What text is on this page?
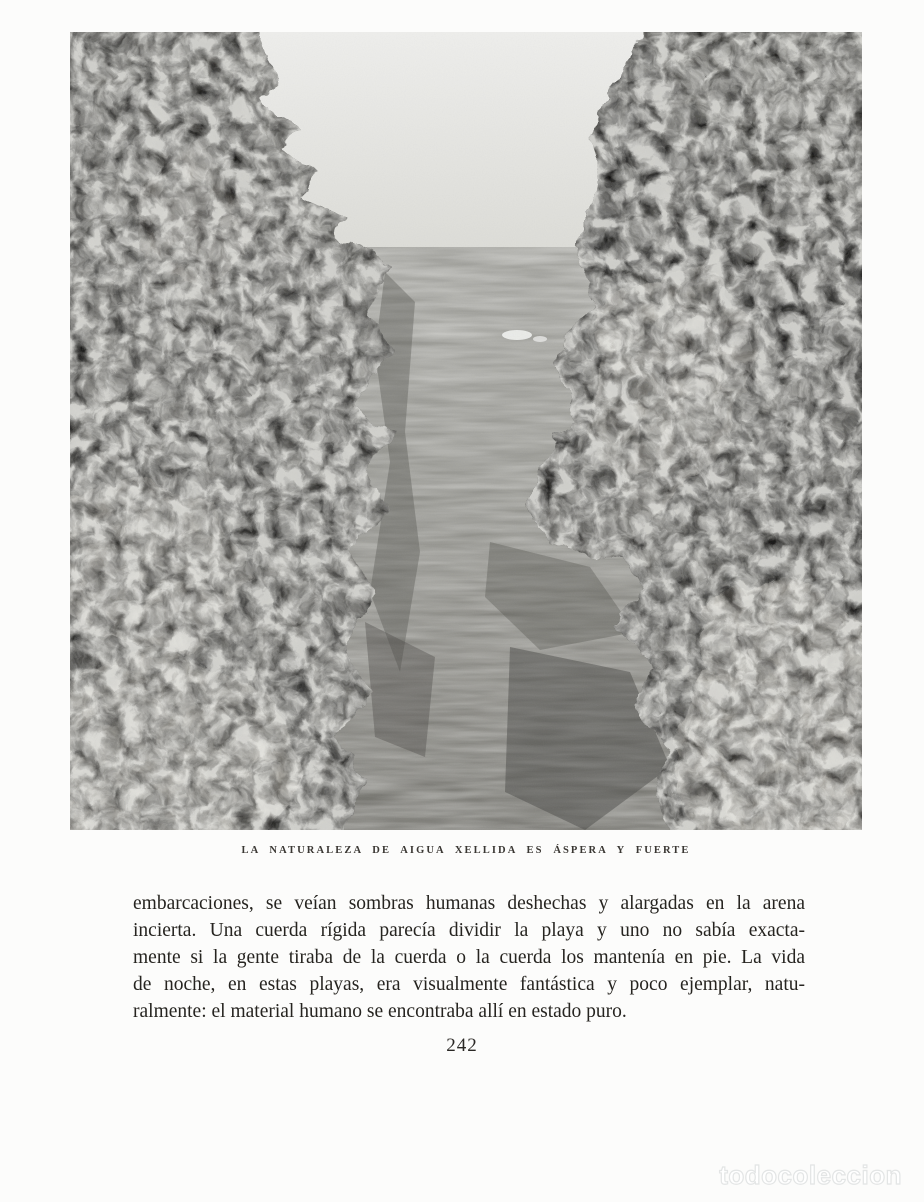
LA NATURALEZA DE AIGUA XELLIDA ES ÁSPERA Y FUERTE
embarcaciones, se veían sombras humanas deshechas y alargadas en la arena
incierta. Una cuerda rígida parecía dividir la playa y uno no sabía exacta-
mente si la gente tiraba de la cuerda o la cuerda los mantenía en pie. La vida
de noche, en estas playas, era visualmente fantástica y poco ejemplar, natu-
ralmente: el material humano se encontraba allí en estado puro.
242
todocoleccion
